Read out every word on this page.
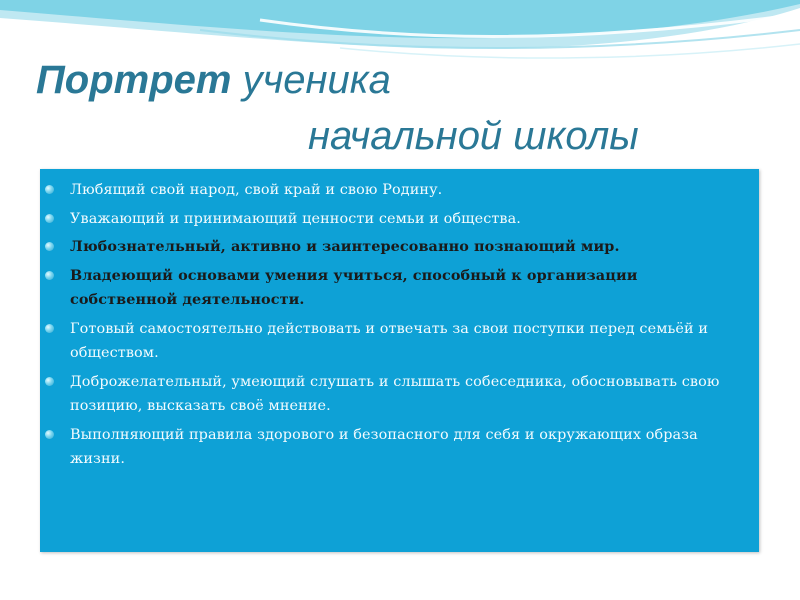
Портрет ученика
начальной школы
Любящий свой народ, свой край и свою Родину.
Уважающий и принимающий ценности семьи и общества.
Любознательный, активно и заинтересованно познающий мир.
Владеющий основами умения учиться, способный к организации собственной деятельности.
Готовый самостоятельно действовать и отвечать за свои поступки перед семьёй и обществом.
Доброжелательный, умеющий слушать и слышать собеседника, обосновывать свою позицию, высказать своё мнение.
Выполняющий правила здорового и безопасного для себя и окружающих образа жизни.
